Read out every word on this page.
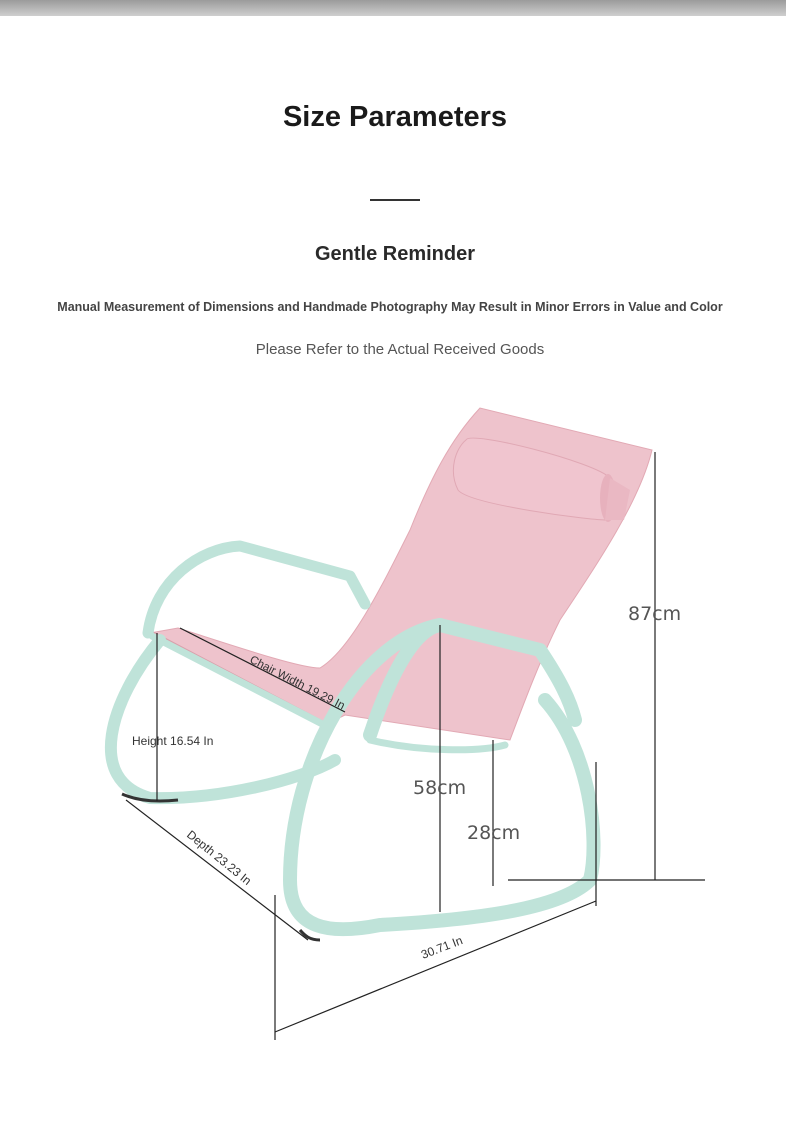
Size Parameters
Gentle Reminder
Manual Measurement of Dimensions and Handmade Photography May Result in Minor Errors in Value and Color
Please Refer to the Actual Received Goods
Chair Width 19.29 In
Height 16.54 In
Depth 23.23 In
30.71 In
87cm
58cm
28cm
